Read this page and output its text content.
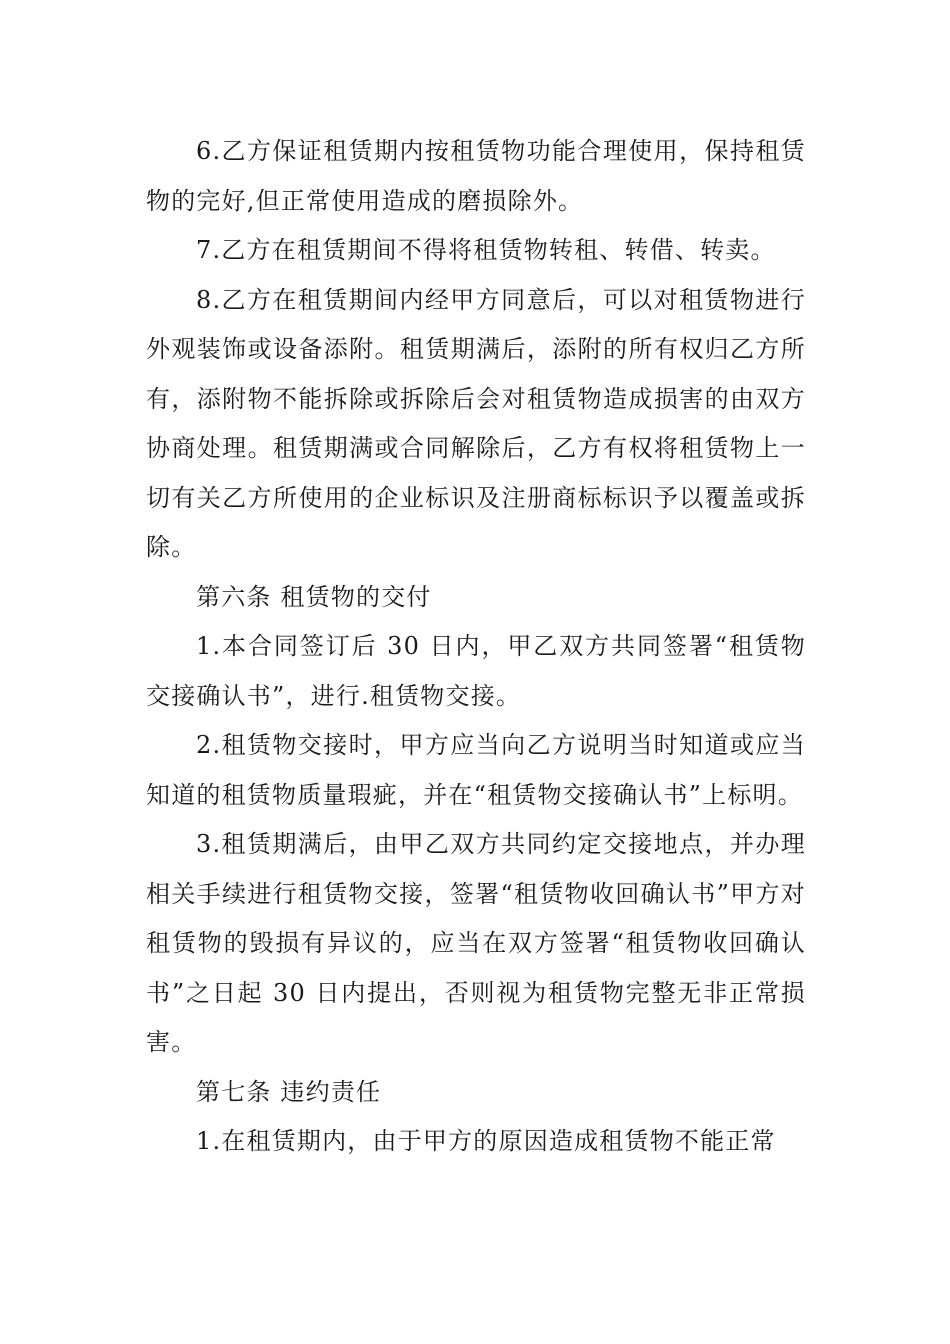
6.乙方保证租赁期内按租赁物功能合理使用，保持租赁物的完好,但正常使用造成的磨损除外。

7.乙方在租赁期间不得将租赁物转租、转借、转卖。

8.乙方在租赁期间内经甲方同意后，可以对租赁物进行外观装饰或设备添附。租赁期满后，添附的所有权归乙方所有，添附物不能拆除或拆除后会对租赁物造成损害的由双方协商处理。租赁期满或合同解除后，乙方有权将租赁物上一切有关乙方所使用的企业标识及注册商标标识予以覆盖或拆除。

第六条 租赁物的交付

1.本合同签订后 30 日内，甲乙双方共同签署“租赁物交接确认书”，进行.租赁物交接。

2.租赁物交接时，甲方应当向乙方说明当时知道或应当知道的租赁物质量瑕疵，并在“租赁物交接确认书”上标明。

3.租赁期满后，由甲乙双方共同约定交接地点，并办理相关手续进行租赁物交接，签署“租赁物收回确认书”甲方对租赁物的毁损有异议的，应当在双方签署“租赁物收回确认书”之日起 30 日内提出，否则视为租赁物完整无非正常损害。

第七条 违约责任

1.在租赁期内，由于甲方的原因造成租赁物不能正常
